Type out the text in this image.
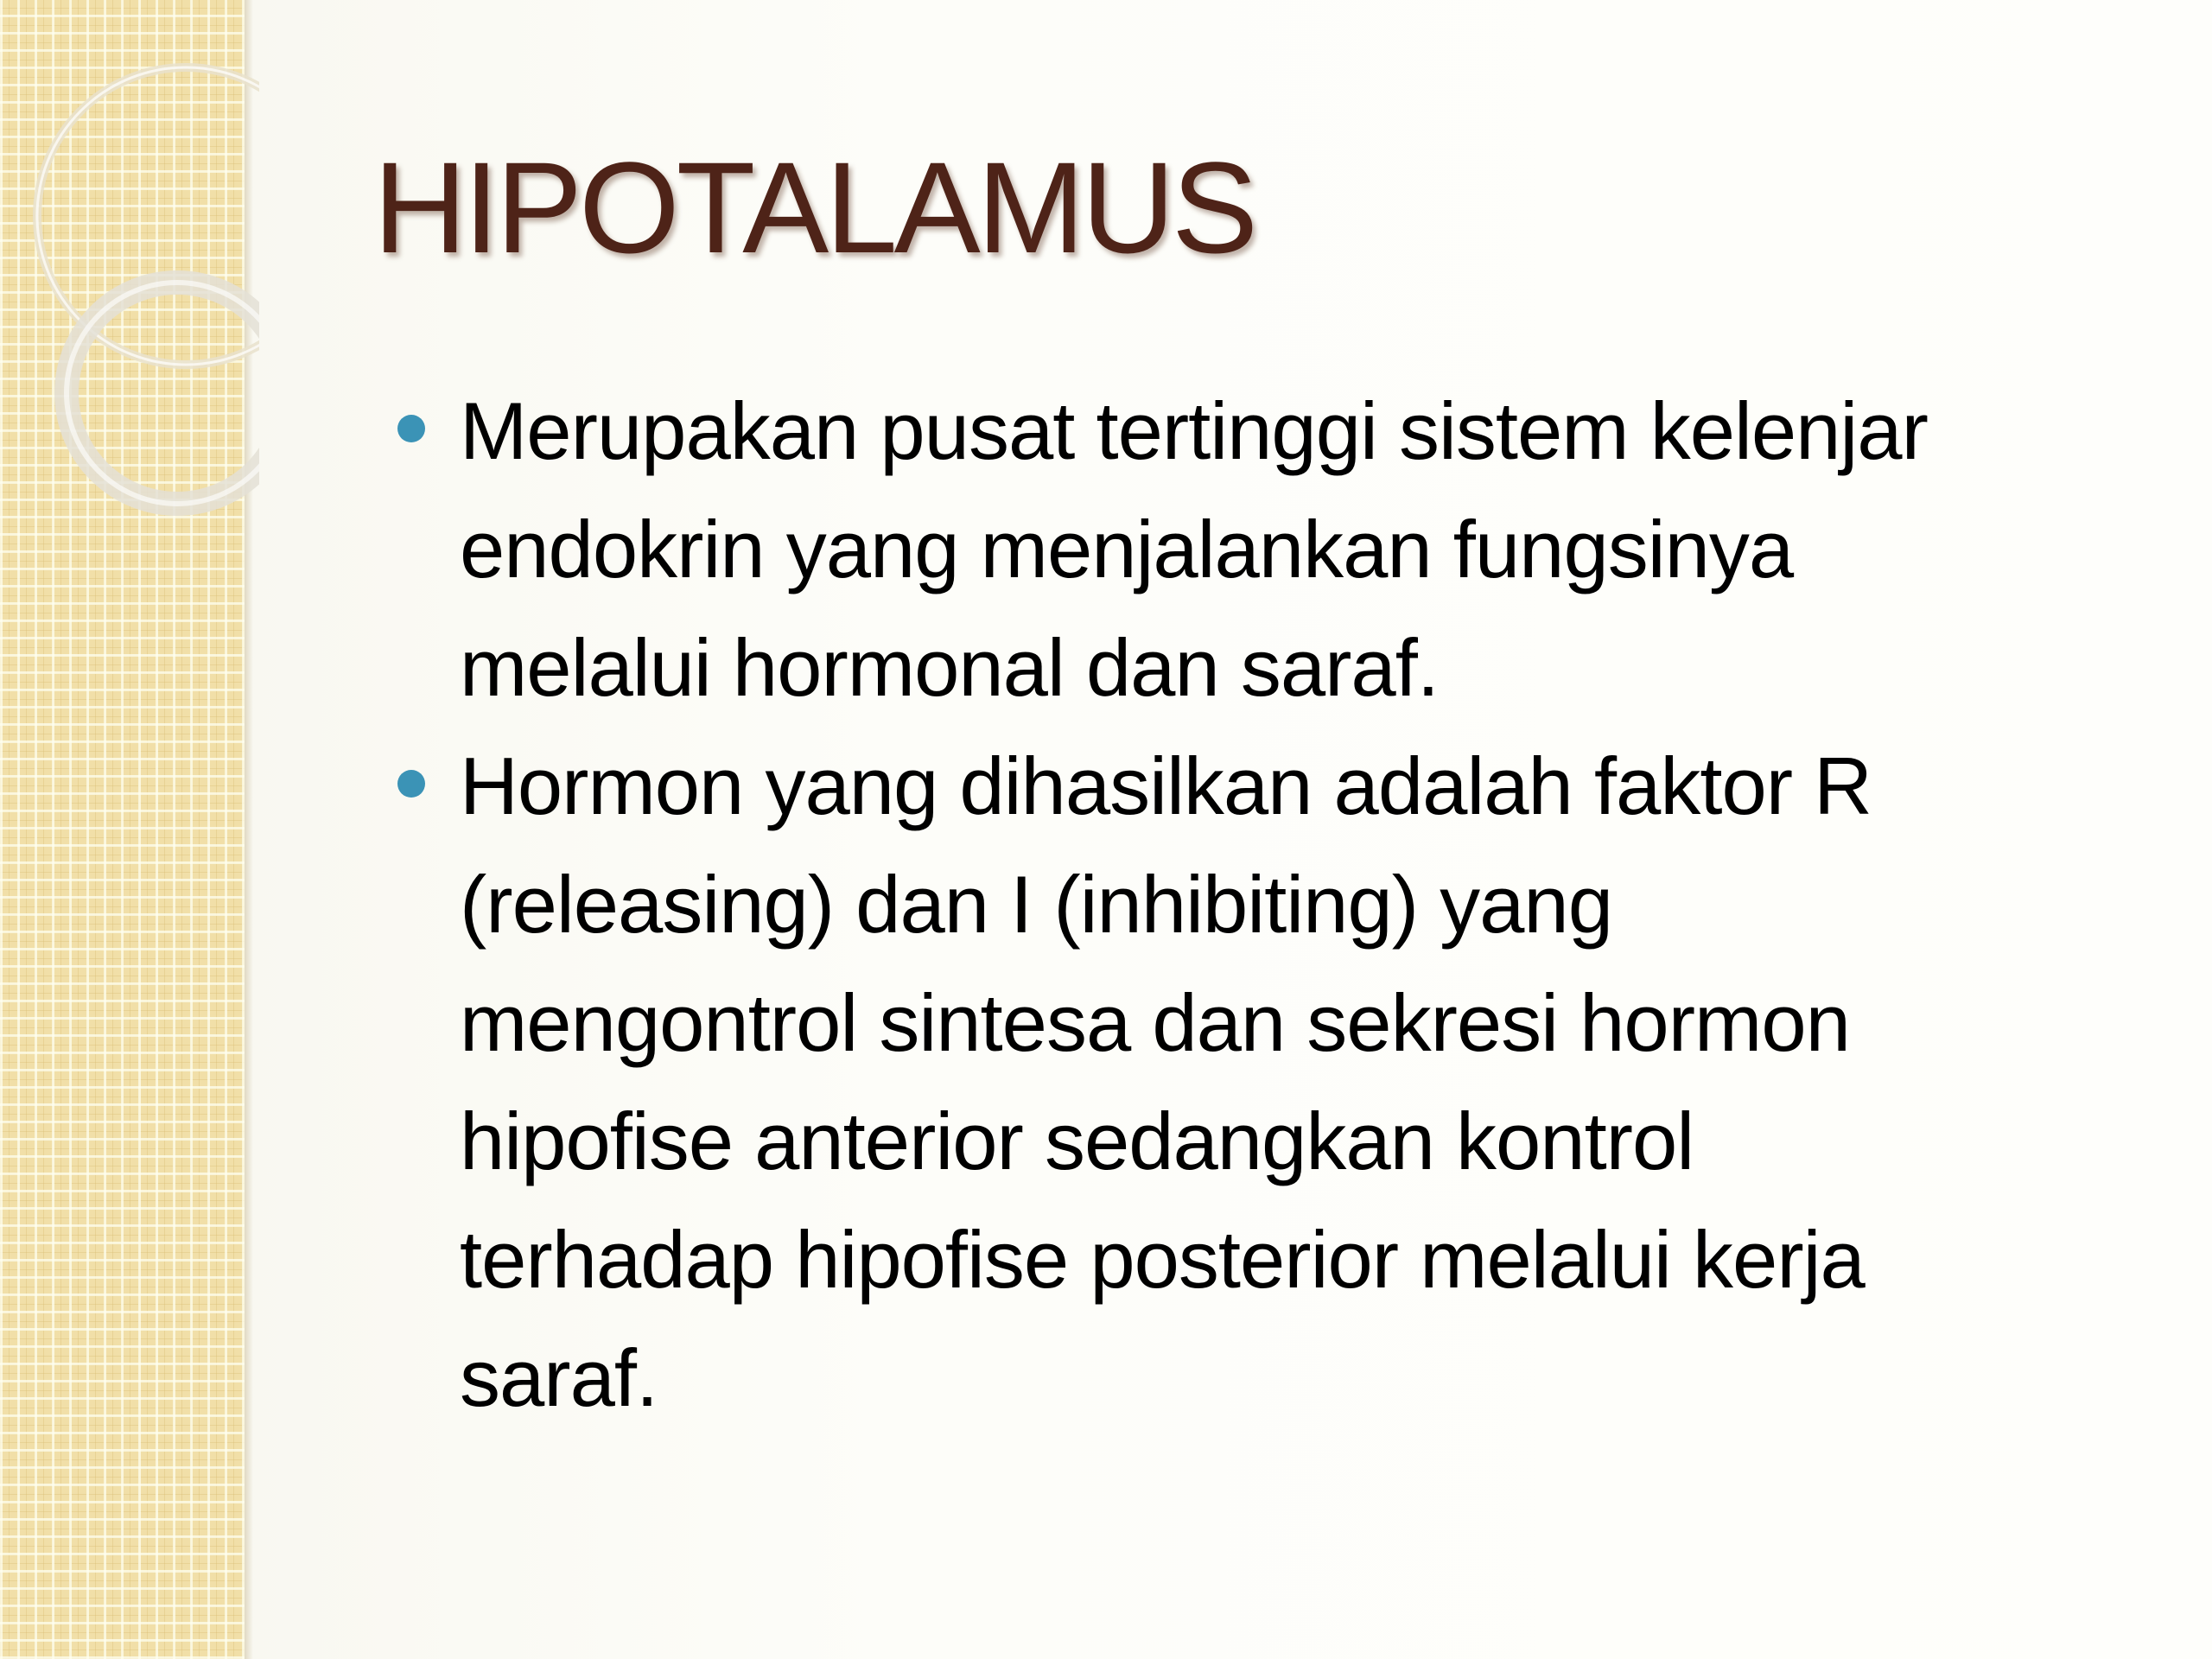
HIPOTALAMUS
Merupakan pusat tertinggi sistem kelenjar
endokrin yang menjalankan fungsinya
melalui hormonal dan saraf.
Hormon yang dihasilkan adalah faktor R
(releasing) dan I (inhibiting) yang
mengontrol sintesa dan sekresi hormon
hipofise anterior sedangkan kontrol
terhadap hipofise posterior melalui kerja
saraf.
